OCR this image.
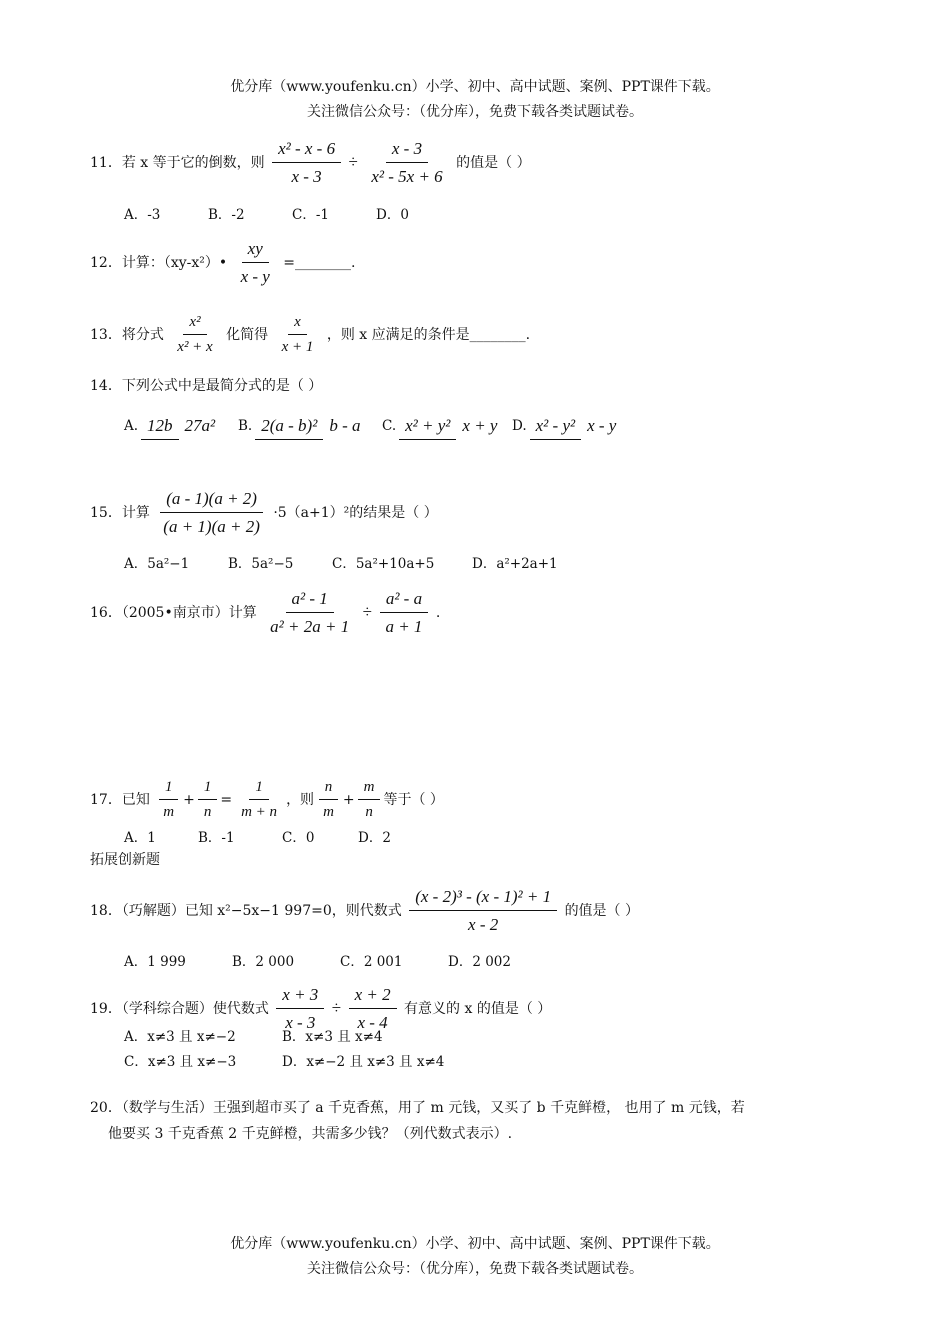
优分库（www.youfenku.cn）小学、初中、高中试题、案例、PPT课件下载。
关注微信公众号：（优分库），免费下载各类试题试卷。
11．若 x 等于它的倒数，则 $\frac{\text{x² - x - 6}}{x - 3} \div \frac{x - 3}{\text{x² - 5x + 6}}$ 的值是（ ）
A．-3	B．-2	C．-1	D．0
12．计算：（xy-x²）• $\frac{xy}{x - y}$ =________.
13．将分式 $\frac{\text{x²}}{\text{x² + x}}$ 化简得 $\frac{x}{x + 1}$ ，则 x 应满足的条件是________.
14．下列公式中是最简分式的是（ ）
A. 12b 27a² B. 2(a - b)² b - a C. x² + y² x + y D. x² - y² x - y
15．计算 $\frac{(a - 1)(a + 2)}{(a + 1)(a + 2)} \cdot 5(a+1)^2$的结果是（ ）
A．5a²−1	B．5a²−5	C．5a²+10a+5	D．a²+2a+1
16．（2005•南京市）计算 $\frac{\text{a² - 1}}{\text{a² + 2a + 1}} \div \frac{\text{a² - a}}{a + 1}$ .
17．已知 $\frac{1}{m} + \frac{1}{n} = \frac{1}{m + n}$ ，则 $\frac{n}{m} + \frac{m}{n}$ 等于（ ）
A．1	B．-1	C．0	D．2
拓展创新题
18．（巧解题）已知 x²−5x−1 997=0，则代数式 $\frac{\text{(x - 2)³ - (x - 1)² + 1}}{x - 2}$ 的值是（ ）
A．1 999	B．2 000	C．2 001	D．2 002
19．（学科综合题）使代数式 $\frac{x + 3}{x - 3} \div \frac{x + 2}{x - 4}$ 有意义的 x 的值是（ ）
A．x≠3 且 x≠−2	B．x≠3 且 x≠4
C．x≠3 且 x≠−3	D．x≠−2 且 x≠3 且 x≠4
20．（数学与生活）王强到超市买了 a 千克香蕉，用了 m 元钱，又买了 b 千克鲜橙， 也用了 m 元钱，若
他要买 3 千克香蕉 2 千克鲜橙，共需多少钱？（列代数式表示）.
优分库（www.youfenku.cn）小学、初中、高中试题、案例、PPT课件下载。
关注微信公众号：（优分库），免费下载各类试题试卷。
